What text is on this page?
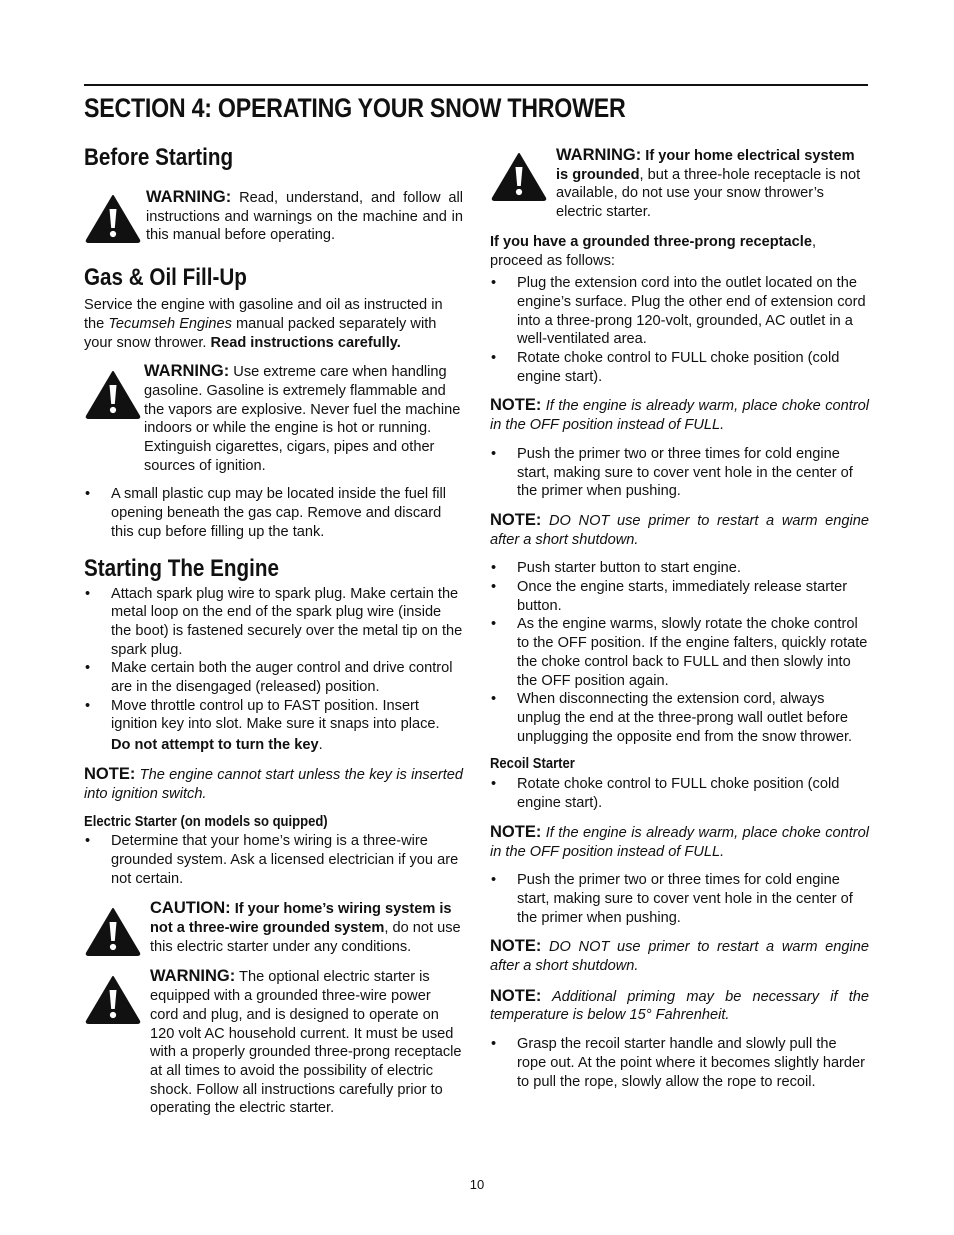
SECTION 4: OPERATING YOUR SNOW THROWER
Before Starting

WARNING: Read, understand, and follow all instructions and warnings on the machine and in this manual before operating.

Gas & Oil Fill-Up

Service the engine with gasoline and oil as instructed in the Tecumseh Engines manual packed separately with your snow thrower. Read instructions carefully.

WARNING: Use extreme care when handling gasoline. Gasoline is extremely flammable and the vapors are explosive. Never fuel the machine indoors or while the engine is hot or running. Extinguish cigarettes, cigars, pipes and other sources of ignition.

• A small plastic cup may be located inside the fuel fill opening beneath the gas cap. Remove and discard this cup before filling up the tank.
Starting The Engine
• Attach spark plug wire to spark plug. Make certain the metal loop on the end of the spark plug wire (inside the boot) is fastened securely over the metal tip on the spark plug.
• Make certain both the auger control and drive control are in the disengaged (released) position.
• Move throttle control up to FAST position. Insert ignition key into slot. Make sure it snaps into place.

Do not attempt to turn the key.

NOTE: The engine cannot start unless the key is inserted into ignition switch.

Electric Starter (on models so quipped)
• Determine that your home’s wiring is a three-wire grounded system. Ask a licensed electrician if you are not certain.

CAUTION: If your home’s wiring system is not a three-wire grounded system, do not use this electric starter under any conditions.

WARNING: The optional electric starter is equipped with a grounded three-wire power cord and plug, and is designed to operate on 120 volt AC household current. It must be used with a properly grounded three-prong receptacle at all times to avoid the possibility of electric shock. Follow all instructions carefully prior to operating the electric starter.

WARNING: If your home electrical system is grounded, but a three-hole receptacle is not available, do not use your snow thrower’s electric starter.

If you have a grounded three-prong receptacle, proceed as follows:

• Plug the extension cord into the outlet located on the engine’s surface. Plug the other end of extension cord into a three-prong 120-volt, grounded, AC outlet in a well-ventilated area.
• Rotate choke control to FULL choke position (cold engine start).

NOTE: If the engine is already warm, place choke control in the OFF position instead of FULL.

• Push the primer two or three times for cold engine start, making sure to cover vent hole in the center of the primer when pushing.

NOTE: DO NOT use primer to restart a warm engine after a short shutdown.

• Push starter button to start engine.
• Once the engine starts, immediately release starter button.
• As the engine warms, slowly rotate the choke control to the OFF position. If the engine falters, quickly rotate the choke control back to FULL and then slowly into the OFF position again.
• When disconnecting the extension cord, always unplug the end at the three-prong wall outlet before unplugging the opposite end from the snow thrower.
Recoil Starter
• Rotate choke control to FULL choke position (cold engine start).

NOTE: If the engine is already warm, place choke control in the OFF position instead of FULL.

• Push the primer two or three times for cold engine start, making sure to cover vent hole in the center of the primer when pushing.

NOTE: DO NOT use primer to restart a warm engine after a short shutdown.

NOTE: Additional priming may be necessary if the temperature is below 15° Fahrenheit.

• Grasp the recoil starter handle and slowly pull the rope out. At the point where it becomes slightly harder to pull the rope, slowly allow the rope to recoil.
10
